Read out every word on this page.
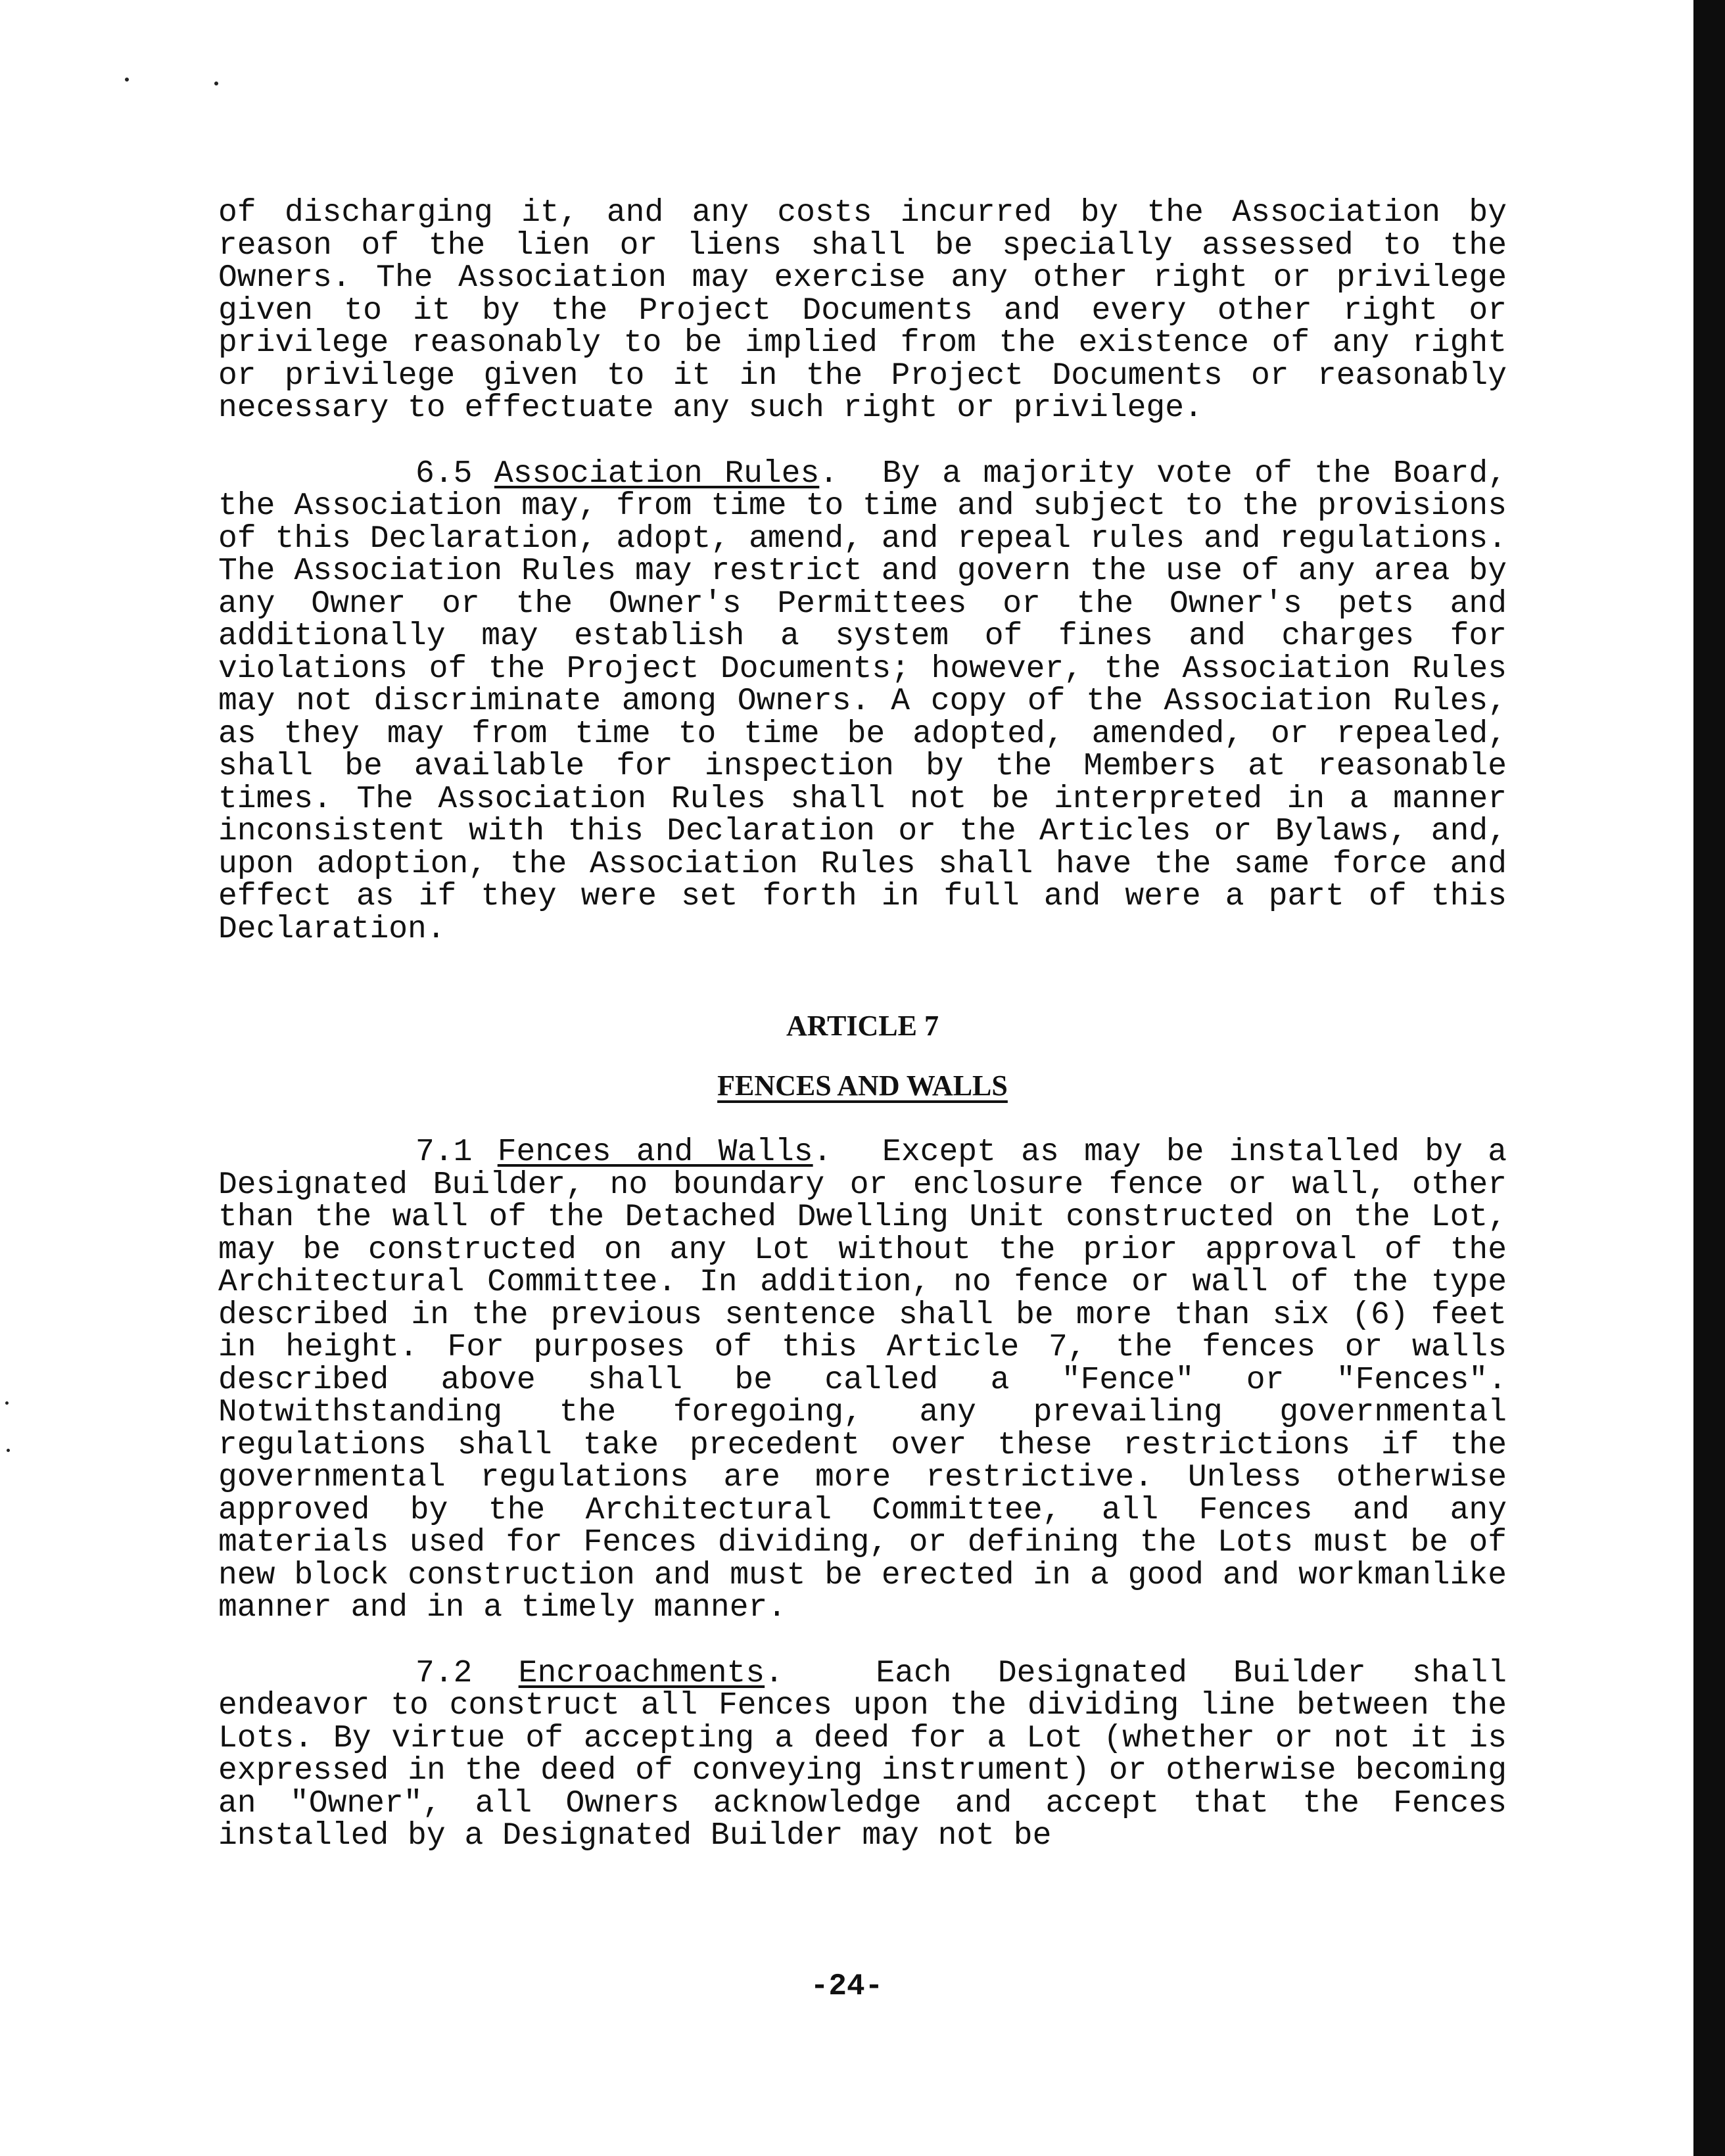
of discharging it, and any costs incurred by the Association by reason of the lien or liens shall be specially assessed to the Owners. The Association may exercise any other right or privilege given to it by the Project Documents and every other right or privilege reasonably to be implied from the existence of any right or privilege given to it in the Project Documents or reasonably necessary to effectuate any such right or privilege.

6.5 Association Rules.  By a majority vote of the Board, the Association may, from time to time and subject to the provisions of this Declaration, adopt, amend, and repeal rules and regulations. The Association Rules may restrict and govern the use of any area by any Owner or the Owner's Permittees or the Owner's pets and additionally may establish a system of fines and charges for violations of the Project Documents; however, the Association Rules may not discriminate among Owners. A copy of the Association Rules, as they may from time to time be adopted, amended, or repealed, shall be available for inspection by the Members at reasonable times. The Association Rules shall not be interpreted in a manner inconsistent with this Declaration or the Articles or Bylaws, and, upon adoption, the Association Rules shall have the same force and effect as if they were set forth in full and were a part of this Declaration.

ARTICLE 7

FENCES AND WALLS

7.1 Fences and Walls.  Except as may be installed by a Designated Builder, no boundary or enclosure fence or wall, other than the wall of the Detached Dwelling Unit constructed on the Lot, may be constructed on any Lot without the prior approval of the Architectural Committee. In addition, no fence or wall of the type described in the previous sentence shall be more than six (6) feet in height. For purposes of this Article 7, the fences or walls described above shall be called a "Fence" or "Fences". Notwithstanding the foregoing, any prevailing governmental regulations shall take precedent over these restrictions if the governmental regulations are more restrictive. Unless otherwise approved by the Architectural Committee, all Fences and any materials used for Fences dividing, or defining the Lots must be of new block construction and must be erected in a good and workmanlike manner and in a timely manner.

7.2 Encroachments.  Each Designated Builder shall endeavor to construct all Fences upon the dividing line between the Lots. By virtue of accepting a deed for a Lot (whether or not it is expressed in the deed of conveying instrument) or otherwise becoming an "Owner", all Owners acknowledge and accept that the Fences installed by a Designated Builder may not be

-24-
